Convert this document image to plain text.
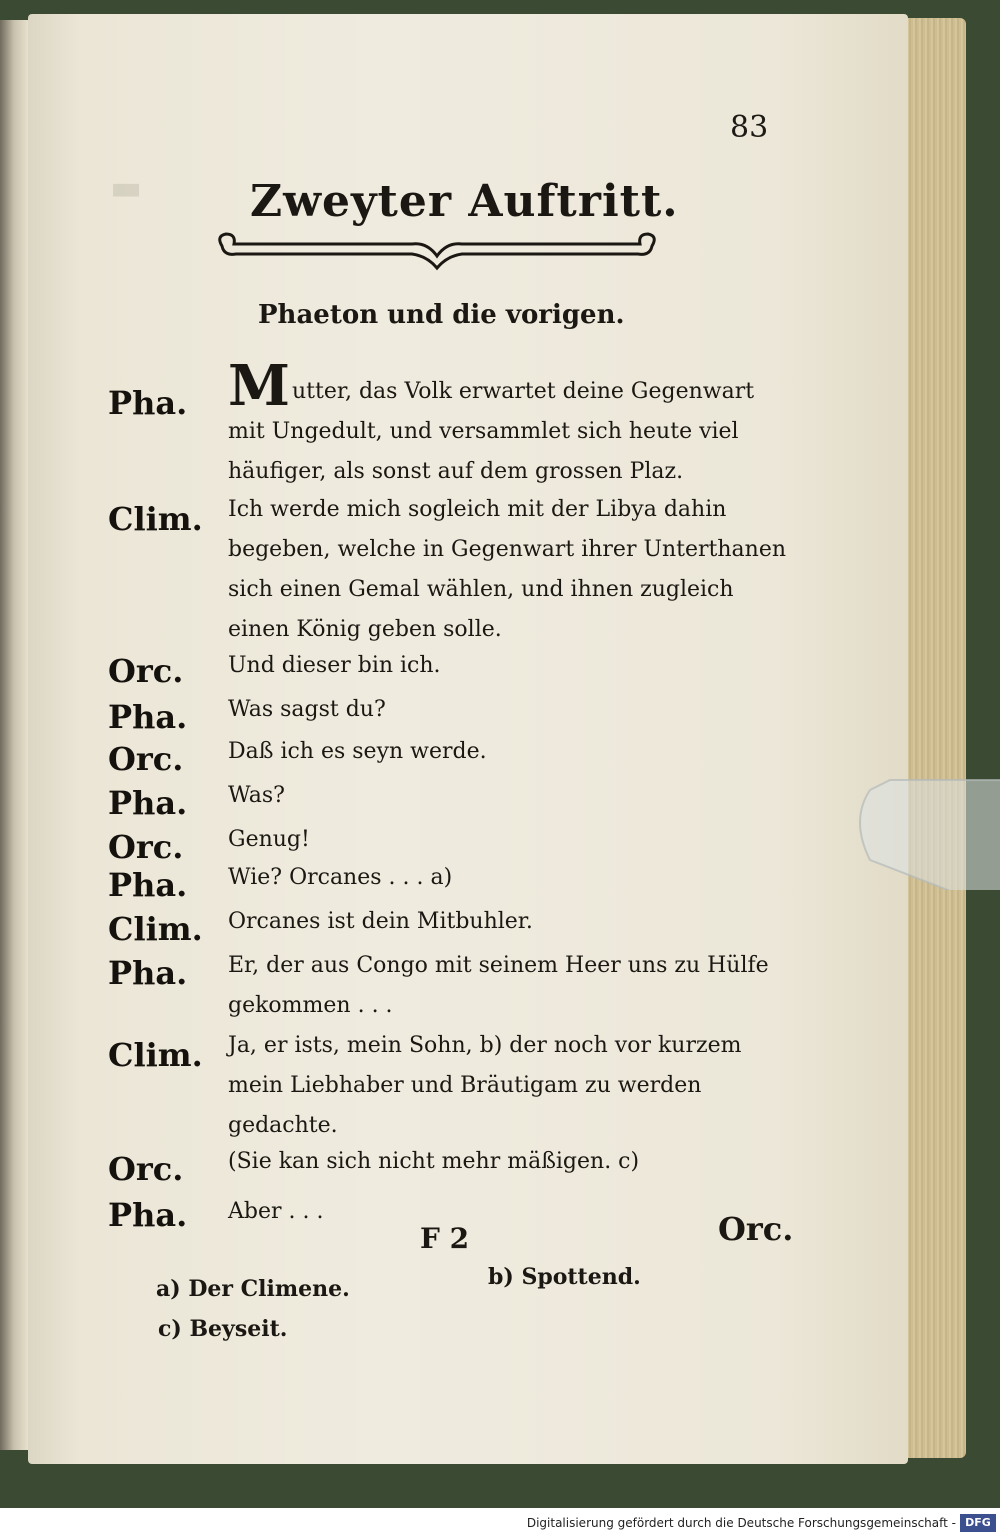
▬
83
Zweyter Auftritt.
Phaeton und die vorigen.
Pha. Mutter, das Volk erwartet deine Gegenwart mit Ungedult, und versammlet sich heute viel häufiger, als sonst auf dem grossen Plaz.
Clim. Ich werde mich sogleich mit der Libya dahin begeben, welche in Gegenwart ihrer Unterthanen sich einen Gemal wählen, und ihnen zugleich einen König geben solle.
Orc. Und dieser bin ich.
Pha. Was sagst du?
Orc. Daß ich es seyn werde.
Pha. Was?
Orc. Genug!
Pha. Wie? Orcanes . . . a)
Clim. Orcanes ist dein Mitbuhler.
Pha. Er, der aus Congo mit seinem Heer uns zu Hülfe gekommen . . .
Clim. Ja, er ists, mein Sohn, b) der noch vor kurzem mein Liebhaber und Bräutigam zu werden gedachte.
Orc. (Sie kan sich nicht mehr mäßigen. c)
Pha. Aber . . .
F 2	Orc.
a) Der Climene.	b) Spottend.
c) Beyseit.
Digitalisierung gefördert durch die Deutsche Forschungsgemeinschaft - DFG
